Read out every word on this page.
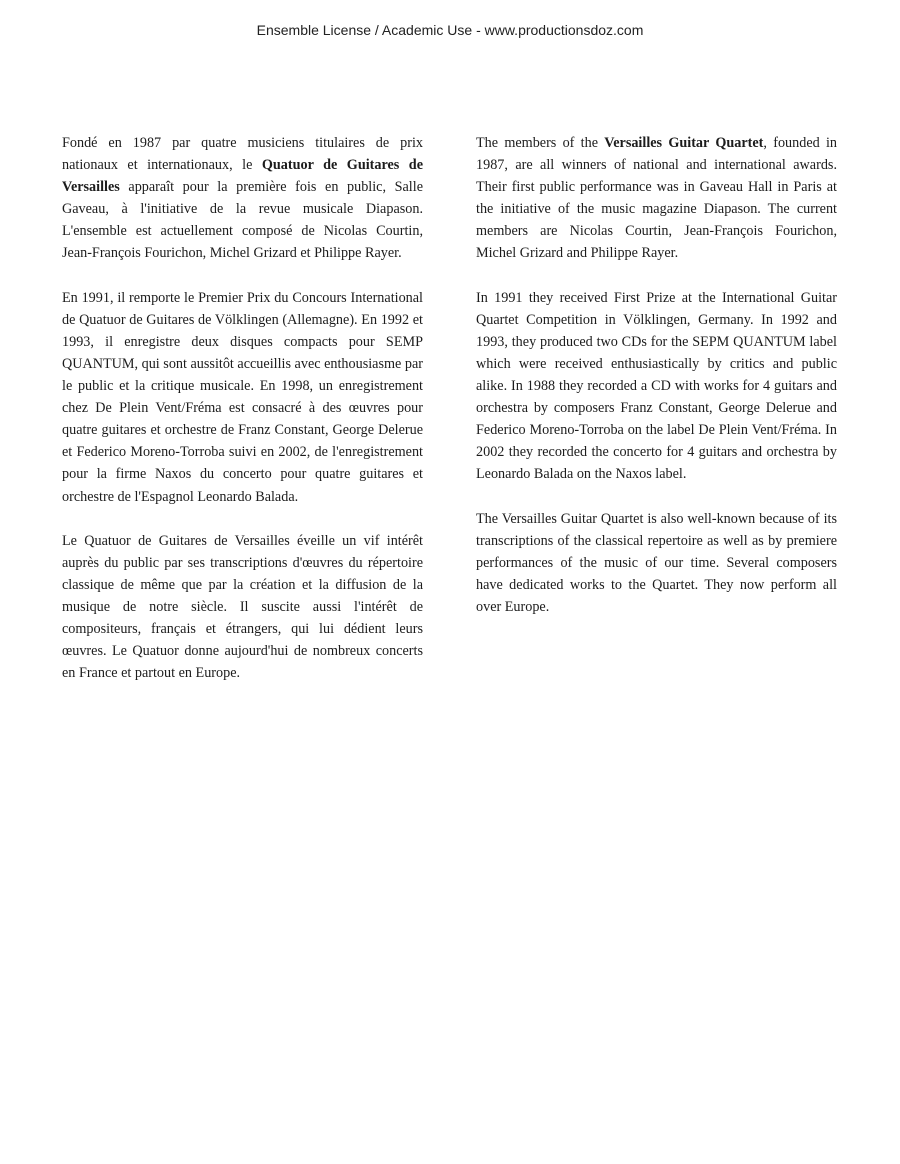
Ensemble License / Academic Use - www.productionsdoz.com

Fondé en 1987 par quatre musiciens titulaires de prix nationaux et internationaux, le Quatuor de Guitares de Versailles apparaît pour la première fois en public, Salle Gaveau, à l'initiative de la revue musicale Diapason. L'ensemble est actuellement composé de Nicolas Courtin, Jean-François Fourichon, Michel Grizard et Philippe Rayer.

En 1991, il remporte le Premier Prix du Concours International de Quatuor de Guitares de Völklingen (Allemagne). En 1992 et 1993, il enregistre deux disques compacts pour SEMP QUANTUM, qui sont aussitôt accueillis avec enthousiasme par le public et la critique musicale. En 1998, un enregistrement chez De Plein Vent/Fréma est consacré à des œuvres pour quatre guitares et orchestre de Franz Constant, George Delerue et Federico Moreno-Torroba suivi en 2002, de l'enregistrement pour la firme Naxos du concerto pour quatre guitares et orchestre de l'Espagnol Leonardo Balada.

Le Quatuor de Guitares de Versailles éveille un vif intérêt auprès du public par ses transcriptions d'œuvres du répertoire classique de même que par la création et la diffusion de la musique de notre siècle. Il suscite aussi l'intérêt de compositeurs, français et étrangers, qui lui dédient leurs œuvres. Le Quatuor donne aujourd'hui de nombreux concerts en France et partout en Europe.

The members of the Versailles Guitar Quartet, founded in 1987, are all winners of national and international awards. Their first public performance was in Gaveau Hall in Paris at the initiative of the music magazine Diapason. The current members are Nicolas Courtin, Jean-François Fourichon, Michel Grizard and Philippe Rayer.

In 1991 they received First Prize at the International Guitar Quartet Competition in Völklingen, Germany. In 1992 and 1993, they produced two CDs for the SEPM QUANTUM label which were received enthusiastically by critics and public alike. In 1988 they recorded a CD with works for 4 guitars and orchestra by composers Franz Constant, George Delerue and Federico Moreno-Torroba on the label De Plein Vent/Fréma. In 2002 they recorded the concerto for 4 guitars and orchestra by Leonardo Balada on the Naxos label.

The Versailles Guitar Quartet is also well-known because of its transcriptions of the classical repertoire as well as by premiere performances of the music of our time. Several composers have dedicated works to the Quartet. They now perform all over Europe.
